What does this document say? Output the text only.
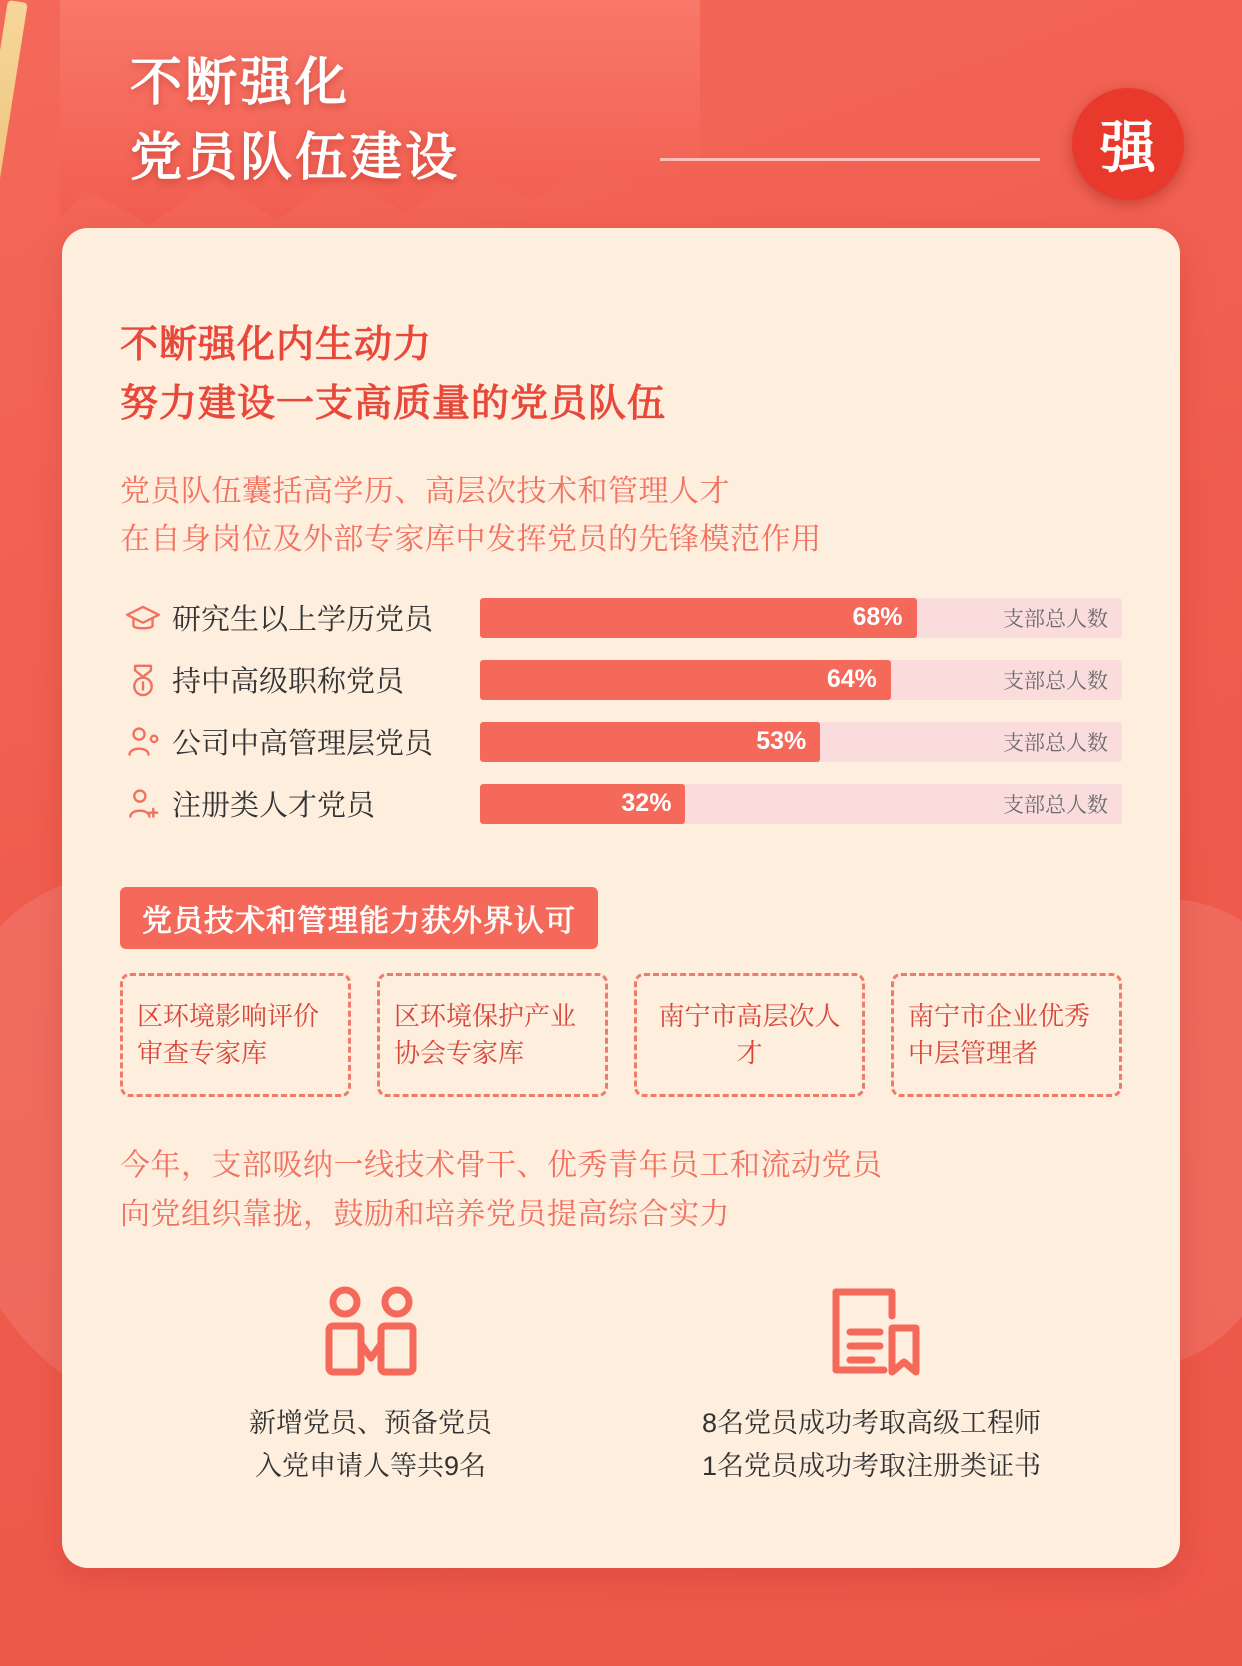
不断强化
党员队伍建设	强
不断强化内生动力
努力建设一支高质量的党员队伍
党员队伍囊括高学历、高层次技术和管理人才
在自身岗位及外部专家库中发挥党员的先锋模范作用
研究生以上学历党员	68%	支部总人数
持中高级职称党员	64%	支部总人数
公司中高管理层党员	53%	支部总人数
注册类人才党员	32%	支部总人数
党员技术和管理能力获外界认可
区环境影响评价审查专家库
区环境保护产业协会专家库
南宁市高层次人才
南宁市企业优秀中层管理者
今年，支部吸纳一线技术骨干、优秀青年员工和流动党员
向党组织靠拢，鼓励和培养党员提高综合实力
新增党员、预备党员
入党申请人等共9名
8名党员成功考取高级工程师
1名党员成功考取注册类证书
